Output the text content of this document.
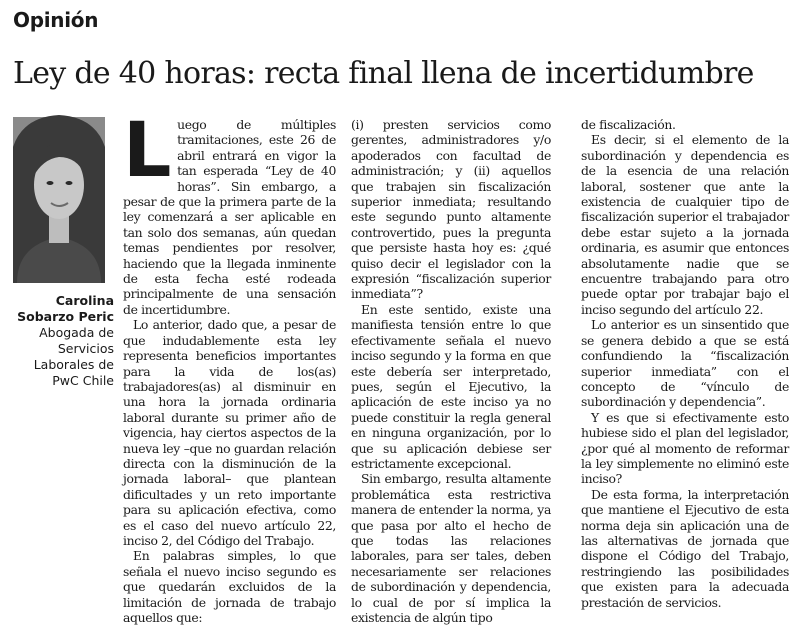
Opinión
Ley de 40 horas: recta final llena de incertidumbre
Carolina Sobarzo Peric
Abogada de Servicios Laborales de PwC Chile

Luego de múltiples tramitaciones, este 26 de abril entrará en vigor la tan esperada “Ley de 40 horas”. Sin embargo, a pesar de que la primera parte de la ley comenzará a ser aplicable en tan solo dos semanas, aún quedan temas pendientes por resolver, haciendo que la llegada inminente de esta fecha esté rodeada principalmente de una sensación de incertidumbre.

Lo anterior, dado que, a pesar de que indudablemente esta ley representa beneficios importantes para la vida de los(as) trabajadores(as) al disminuir en una hora la jornada ordinaria laboral durante su primer año de vigencia, hay ciertos aspectos de la nueva ley –que no guardan relación directa con la disminución de la jornada laboral– que plantean dificultades y un reto importante para su aplicación efectiva, como es el caso del nuevo artículo 22, inciso 2, del Código del Trabajo.

En palabras simples, lo que señala el nuevo inciso segundo es que quedarán excluidos de la limitación de jornada de trabajo aquellos que:

(i) presten servicios como gerentes, administradores y/o apoderados con facultad de administración; y (ii) aquellos que trabajen sin fiscalización superior inmediata; resultando este segundo punto altamente controvertido, pues la pregunta que persiste hasta hoy es: ¿qué quiso decir el legislador con la expresión “fiscalización superior inmediata”?

En este sentido, existe una manifiesta tensión entre lo que efectivamente señala el nuevo inciso segundo y la forma en que este debería ser interpretado, pues, según el Ejecutivo, la aplicación de este inciso ya no puede constituir la regla general en ninguna organización, por lo que su aplicación debiese ser estrictamente excepcional.

Sin embargo, resulta altamente problemática esta restrictiva manera de entender la norma, ya que pasa por alto el hecho de que todas las relaciones laborales, para ser tales, deben necesariamente ser relaciones de subordinación y dependencia, lo cual de por sí implica la existencia de algún tipo

de fiscalización.

Es decir, si el elemento de la subordinación y dependencia es de la esencia de una relación laboral, sostener que ante la existencia de cualquier tipo de fiscalización superior el trabajador debe estar sujeto a la jornada ordinaria, es asumir que entonces absolutamente nadie que se encuentre trabajando para otro puede optar por trabajar bajo el inciso segundo del artículo 22.

Lo anterior es un sinsentido que se genera debido a que se está confundiendo la “fiscalización superior inmediata” con el concepto de “vínculo de subordinación y dependencia”.

Y es que si efectivamente esto hubiese sido el plan del legislador, ¿por qué al momento de reformar la ley simplemente no eliminó este inciso?

De esta forma, la interpretación que mantiene el Ejecutivo de esta norma deja sin aplicación una de las alternativas de jornada que dispone el Código del Trabajo, restringiendo las posibilidades que existen para la adecuada prestación de servicios.
